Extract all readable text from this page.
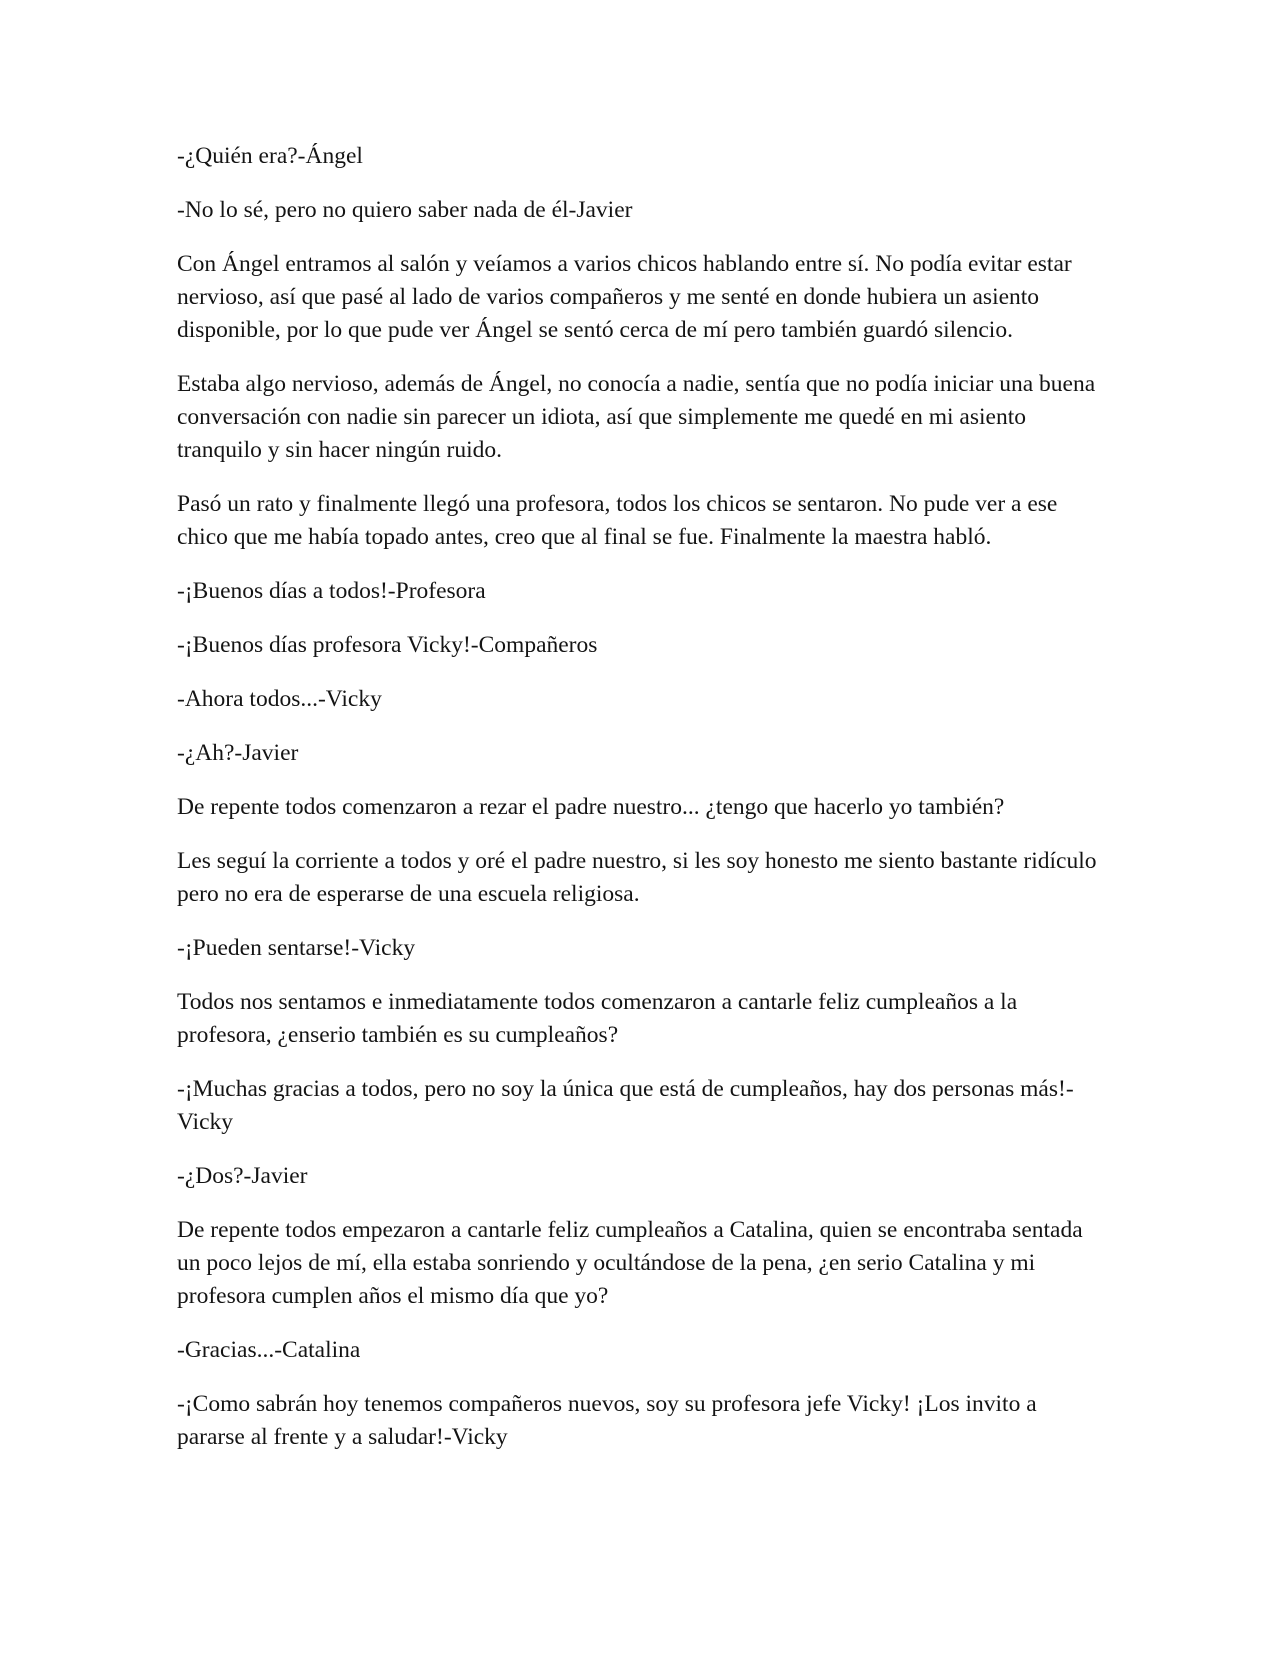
-¿Quién era?-Ángel

-No lo sé, pero no quiero saber nada de él-Javier

Con Ángel entramos al salón y veíamos a varios chicos hablando entre sí. No podía evitar estar nervioso, así que pasé al lado de varios compañeros y me senté en donde hubiera un asiento disponible, por lo que pude ver Ángel se sentó cerca de mí pero también guardó silencio.

Estaba algo nervioso, además de Ángel, no conocía a nadie, sentía que no podía iniciar una buena conversación con nadie sin parecer un idiota, así que simplemente me quedé en mi asiento tranquilo y sin hacer ningún ruido.

Pasó un rato y finalmente llegó una profesora, todos los chicos se sentaron. No pude ver a ese chico que me había topado antes, creo que al final se fue. Finalmente la maestra habló.

-¡Buenos días a todos!-Profesora

-¡Buenos días profesora Vicky!-Compañeros

-Ahora todos...-Vicky

-¿Ah?-Javier

De repente todos comenzaron a rezar el padre nuestro... ¿tengo que hacerlo yo también?

Les seguí la corriente a todos y oré el padre nuestro, si les soy honesto me siento bastante ridículo pero no era de esperarse de una escuela religiosa.

-¡Pueden sentarse!-Vicky

Todos nos sentamos e inmediatamente todos comenzaron a cantarle feliz cumpleaños a la profesora, ¿enserio también es su cumpleaños?

-¡Muchas gracias a todos, pero no soy la única que está de cumpleaños, hay dos personas más!-Vicky

-¿Dos?-Javier

De repente todos empezaron a cantarle feliz cumpleaños a Catalina, quien se encontraba sentada un poco lejos de mí, ella estaba sonriendo y ocultándose de la pena, ¿en serio Catalina y mi profesora cumplen años el mismo día que yo?

-Gracias...-Catalina

-¡Como sabrán hoy tenemos compañeros nuevos, soy su profesora jefe Vicky! ¡Los invito a pararse al frente y a saludar!-Vicky
